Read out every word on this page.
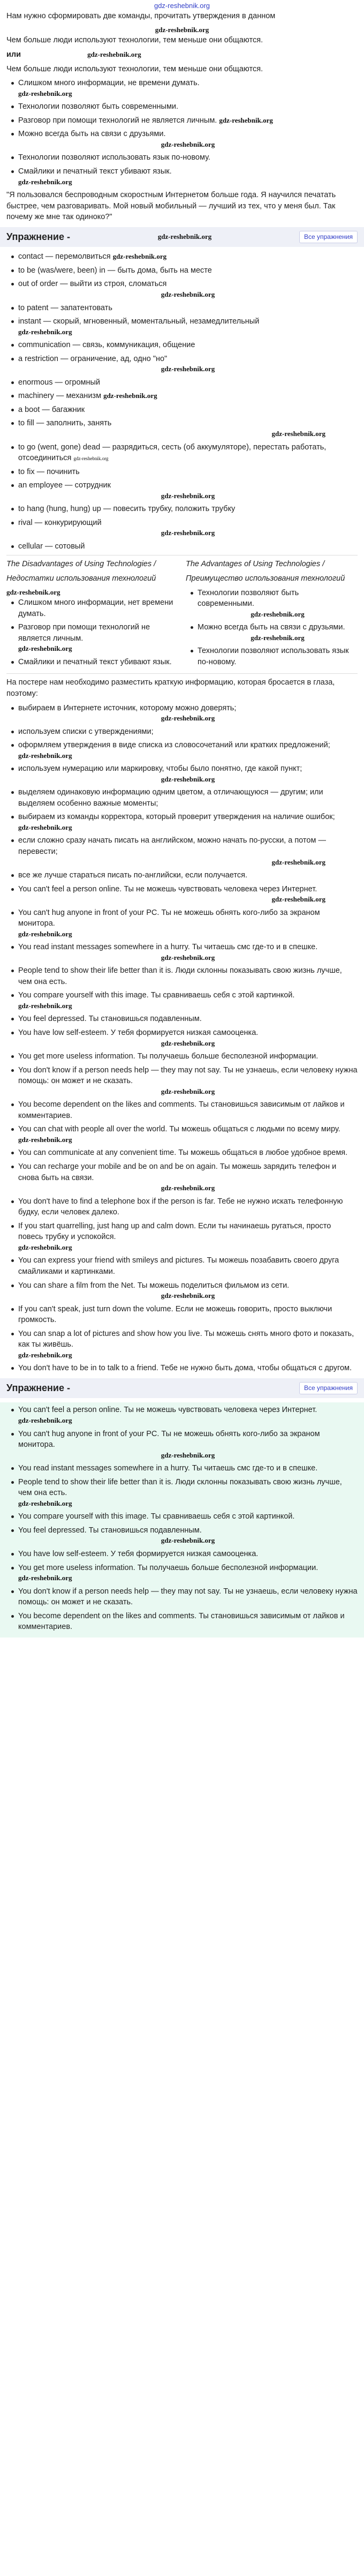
gdz-reshebnik.org

Нам нужно сформировать две команды, прочитать утверждения в данном

gdz-reshebnik.org

Чем больше люди используют технологии, тем меньше они общаются.

или	gdz-reshebnik.org

Чем больше люди используют технологии, тем меньше они общаются.

Слишком много информации, не времени думать.
gdz-reshebnik.org
Технологии позволяют быть современными.
Разговор при помощи технологий не является личным. gdz-reshebnik.org
Можно всегда быть на связи с друзьями.
gdz-reshebnik.org
Технологии позволяют использовать язык по-новому.
Смайлики и печатный текст убивают язык.
gdz-reshebnik.org

"Я пользовался беспроводным скоростным Интернетом больше года. Я научился печатать быстрее, чем разговаривать. Мой новый мобильный — лучший из тех, что у меня был. Так почему же мне так одиноко?"

Упражнение -	gdz-reshebnik.org	Все упражнения
contact — перемолвиться gdz-reshebnik.org
to be (was/were, been) in — быть дома, быть на месте
out of order — выйти из строя, сломаться
gdz-reshebnik.org
to patent — запатентовать
instant — скорый, мгновенный, моментальный, незамедлительный
gdz-reshebnik.org
communication — связь, коммуникация, общение
a restriction — ограничение, ад, одно "но"
gdz-reshebnik.org
enormous — огромный
machinery — механизм gdz-reshebnik.org
a boot — багажник
to fill — заполнить, занять
gdz-reshebnik.org
to go (went, gone) dead — разрядиться, сесть (об аккумуляторе), перестать работать, отсоединиться gdz-reshebnik.org
to fix — починить
an employee — сотрудник
gdz-reshebnik.org
to hang (hung, hung) up — повесить трубку, положить трубку
rival — конкурирующий
gdz-reshebnik.org
cellular — сотовый

The Disadvantages of Using Technologies /

Недостатки использования технологий

gdz-reshebnik.org
Слишком много информации, нет времени думать.
Разговор при помощи технологий не является личным.
gdz-reshebnik.org
Смайлики и печатный текст убивают язык.

The Advantages of Using Technologies /

Преимущество использования технологий

Технологии позволяют быть современными.
gdz-reshebnik.org
Можно всегда быть на связи с друзьями.
gdz-reshebnik.org
Технологии позволяют использовать язык по-новому.

На постере нам необходимо разместить краткую информацию, которая бросается в глаза, поэтому:

выбираем в Интернете источник, которому можно доверять;
gdz-reshebnik.org
используем списки с утверждениями;
оформляем утверждения в виде списка из словосочетаний или кратких предложений;
gdz-reshebnik.org
используем нумерацию или маркировку, чтобы было понятно, где какой пункт;
gdz-reshebnik.org
выделяем одинаковую информацию одним цветом, а отличающуюся — другим; или выделяем особенно важные моменты;
выбираем из команды корректора, который проверит утверждения на наличие ошибок;
gdz-reshebnik.org
если сложно сразу начать писать на английском, можно начать по-русски, а потом — перевести;
gdz-reshebnik.org
все же лучше стараться писать по-английски, если получается.
You can't feel a person online. Ты не можешь чувствовать человека через Интернет.
gdz-reshebnik.org
You can't hug anyone in front of your PC. Ты не можешь обнять кого-либо за экраном монитора.
gdz-reshebnik.org
You read instant messages somewhere in a hurry. Ты читаешь смс где-то и в спешке.
gdz-reshebnik.org
People tend to show their life better than it is. Люди склонны показывать свою жизнь лучше, чем она есть.
You compare yourself with this image. Ты сравниваешь себя с этой картинкой.
gdz-reshebnik.org
You feel depressed. Ты становишься подавленным.
You have low self-esteem. У тебя формируется низкая самооценка.
gdz-reshebnik.org
You get more useless information. Ты получаешь больше бесполезной информации.
You don't know if a person needs help — they may not say. Ты не узнаешь, если человеку нужна помощь: он может и не сказать.
gdz-reshebnik.org
You become dependent on the likes and comments. Ты становишься зависимым от лайков и комментариев.
You can chat with people all over the world. Ты можешь общаться с людьми по всему миру.
gdz-reshebnik.org
You can communicate at any convenient time. Ты можешь общаться в любое удобное время.
You can recharge your mobile and be on and be on again. Ты можешь зарядить телефон и снова быть на связи.
gdz-reshebnik.org
You don't have to find a telephone box if the person is far. Тебе не нужно искать телефонную будку, если человек далеко.
If you start quarrelling, just hang up and calm down. Если ты начинаешь ругаться, просто повесь трубку и успокойся.
gdz-reshebnik.org
You can express your friend with smileys and pictures. Ты можешь позабавить своего друга смайликами и картинками.
You can share a film from the Net. Ты можешь поделиться фильмом из сети.
gdz-reshebnik.org
If you can't speak, just turn down the volume. Если не можешь говорить, просто выключи громкость.
You can snap a lot of pictures and show how you live. Ты можешь снять много фото и показать, как ты живёшь.
gdz-reshebnik.org
You don't have to be in to talk to a friend. Тебе не нужно быть дома, чтобы общаться с другом.
Упражнение -	Все упражнения
You can't feel a person online. Ты не можешь чувствовать человека через Интернет.
gdz-reshebnik.org
You can't hug anyone in front of your PC. Ты не можешь обнять кого-либо за экраном монитора.
gdz-reshebnik.org
You read instant messages somewhere in a hurry. Ты читаешь смс где-то и в спешке.
People tend to show their life better than it is. Люди склонны показывать свою жизнь лучше, чем она есть.
gdz-reshebnik.org
You compare yourself with this image. Ты сравниваешь себя с этой картинкой.
You feel depressed. Ты становишься подавленным.
gdz-reshebnik.org
You have low self-esteem. У тебя формируется низкая самооценка.
You get more useless information. Ты получаешь больше бесполезной информации.
gdz-reshebnik.org
You don't know if a person needs help — they may not say. Ты не узнаешь, если человеку нужна помощь: он может и не сказать.
You become dependent on the likes and comments. Ты становишься зависимым от лайков и комментариев.
